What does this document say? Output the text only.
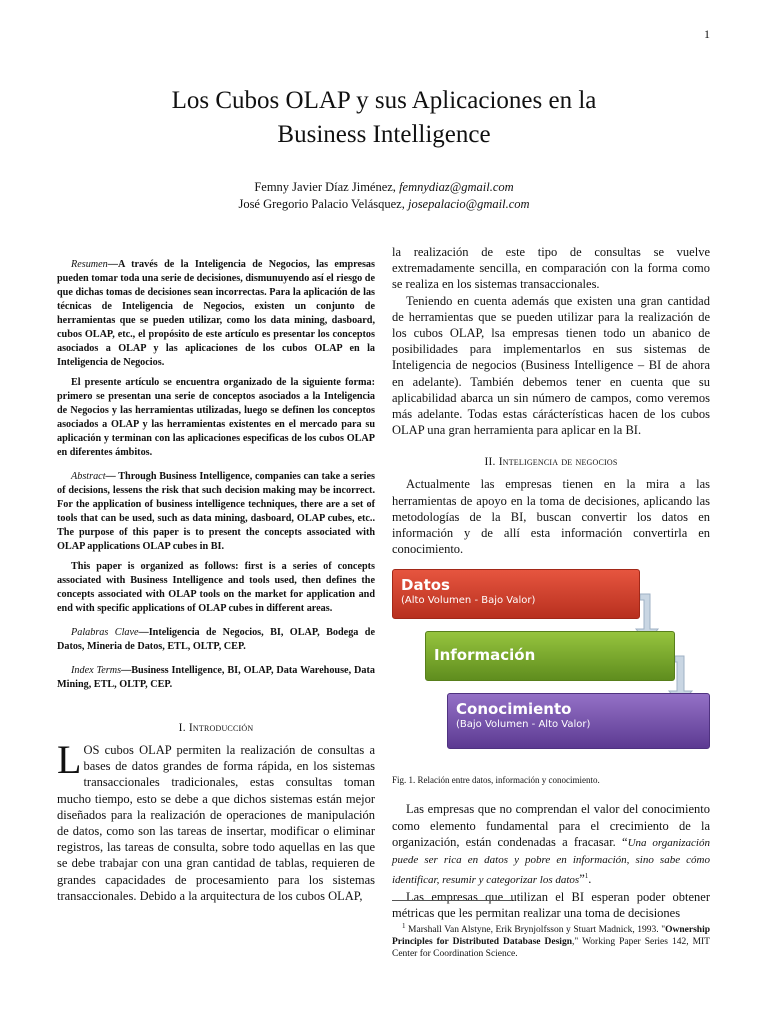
1
Los Cubos OLAP y sus Aplicaciones en la
Business Intelligence
Femny Javier Díaz Jiménez, femnydiaz@gmail.com
José Gregorio Palacio Velásquez, josepalacio@gmail.com

Resumen—A través de la Inteligencia de Negocios, las empresas pueden tomar toda una serie de decisiones, dismunuyendo así el riesgo de que dichas tomas de decisiones sean incorrectas. Para la aplicación de las técnicas de Inteligencia de Negocios, existen un conjunto de herramientas que se pueden utilizar, como los data mining, dasboard, cubos OLAP, etc., el propósito de este artículo es presentar los conceptos asociados a OLAP y las aplicaciones de los cubos OLAP en la Inteligencia de Negocios.

El presente artículo se encuentra organizado de la siguiente forma: primero se presentan una serie de conceptos asociados a la Inteligencia de Negocios y las herramientas utilizadas, luego se definen los conceptos asociados a OLAP y las herramientas existentes en el mercado para su aplicación y terminan con las aplicaciones especificas de los cubos OLAP en diferentes ámbitos.

Abstract— Through Business Intelligence, companies can take a series of decisions, lessens the risk that such decision making may be incorrect. For the application of business intelligence techniques, there are a set of tools that can be used, such as data mining, dasboard, OLAP cubes, etc.. The purpose of this paper is to present the concepts associated with OLAP applications OLAP cubes in BI.

This paper is organized as follows: first is a series of concepts associated with Business Intelligence and tools used, then defines the concepts associated with OLAP tools on the market for application and end with specific applications of OLAP cubes in different areas.

Palabras Clave—Inteligencia de Negocios, BI, OLAP, Bodega de Datos, Mineria de Datos, ETL, OLTP, CEP.

Index Terms—Business Intelligence, BI, OLAP, Data Warehouse, Data Mining, ETL, OLTP, CEP.

I. Introducción

LOS cubos OLAP permiten la realización de consultas a bases de datos grandes de forma rápida, en los sistemas transaccionales tradicionales, estas consultas toman mucho tiempo, esto se debe a que dichos sistemas están mejor diseñados para la realización de operaciones de manipulación de datos, como son las tareas de insertar, modificar o eliminar registros, las tareas de consulta, sobre todo aquellas en las que se debe trabajar con una gran cantidad de tablas, requieren de grandes capacidades de procesamiento para los sistemas transaccionales. Debido a la arquitectura de los cubos OLAP,

la realización de este tipo de consultas se vuelve extremadamente sencilla, en comparación con la forma como se realiza en los sistemas transaccionales.

Teniendo en cuenta además que existen una gran cantidad de herramientas que se pueden utilizar para la realización de los cubos OLAP, lsa empresas tienen todo un abanico de posibilidades para implementarlos en sus sistemas de Inteligencia de negocios (Business Intelligence – BI de ahora en adelante). También debemos tener en cuenta que su aplicabilidad abarca un sin número de campos, como veremos más adelante. Todas estas cárácterísticas hacen de los cubos OLAP una gran herramienta para aplicar en la BI.

II. Inteligencia de negocios

Actualmente las empresas tienen en la mira a las herramientas de apoyo en la toma de decisiones, aplicando las metodologías de la BI, buscan convertir los datos en información y de allí esta información convertirla en conocimiento.

Datos
(Alto Volumen - Bajo Valor)
Información
Conocimiento
(Bajo Volumen - Alto Valor)

Fig. 1. Relación entre datos, información y conocimiento.

Las empresas que no comprendan el valor del conocimiento como elemento fundamental para el crecimiento de la organización, están condenadas a fracasar. “Una organización puede ser rica en datos y pobre en información, sino sabe cómo identificar, resumir y categorizar los datos”$^1$.

Las empresas que utilizan el BI esperan poder obtener métricas que les permitan realizar una toma de decisiones

$^1$ Marshall Van Alstyne, Erik Brynjolfsson y Stuart Madnick, 1993. "Ownership Principles for Distributed Database Design," Working Paper Series 142, MIT Center for Coordination Science.
